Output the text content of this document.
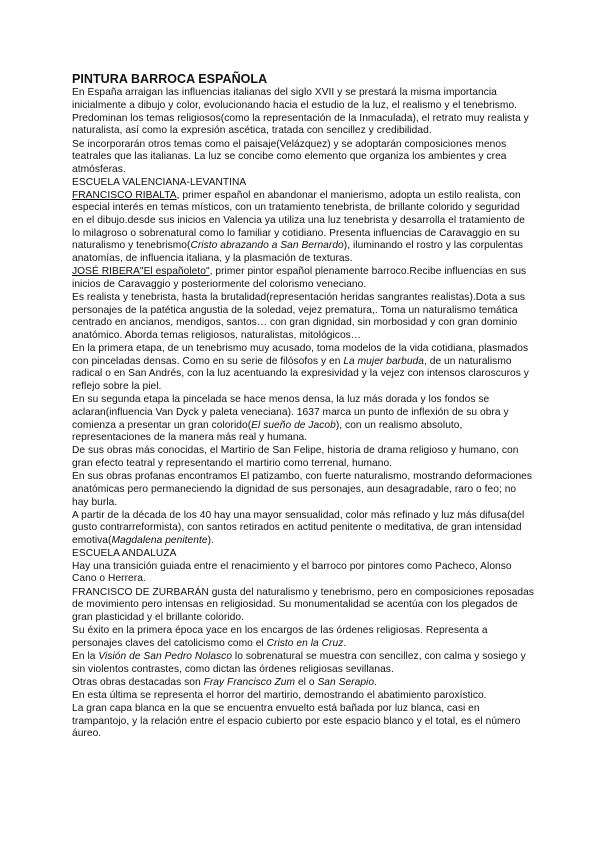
PINTURA BARROCA ESPAÑOLA

En España arraigan las influencias italianas del siglo XVII y se prestará la misma importancia inicialmente a dibujo y color, evolucionando hacia el estudio de la luz, el realismo y el tenebrismo.

Predominan los temas religiosos(como la representación de la Inmaculada), el retrato muy realista y naturalista, así como la expresión ascética, tratada con sencillez y credibilidad.

Se incorporarán otros temas como el paisaje(Velázquez) y se adoptarán composiciones menos teatrales que las italianas. La luz se concibe como elemento que organiza los ambientes y crea atmósferas.

ESCUELA VALENCIANA-LEVANTINA

FRANCISCO RIBALTA, primer español en abandonar el manierismo, adopta un estilo realista, con especial interés en temas místicos, con un tratamiento tenebrista, de brillante colorido y seguridad en el dibujo.desde sus inicios en Valencia ya utiliza una luz tenebrista y desarrolla el tratamiento de lo milagroso o sobrenatural como lo familiar y cotidiano. Presenta influencias de Caravaggio en su naturalismo y tenebrismo(Cristo abrazando a San Bernardo), iluminando el rostro y las corpulentas anatomías, de influencia italiana, y la plasmación de texturas.

JOSÉ RIBERA"El españoleto", primer pintor español plenamente barroco.Recibe influencias en sus inicios de Caravaggio y posteriormente del colorismo veneciano.

Es realista y tenebrista, hasta la brutalidad(representación heridas sangrantes realistas).Dota a sus personajes de la patética angustia de la soledad, vejez prematura,. Toma un naturalismo temática centrado en ancianos, mendigos, santos… con gran dignidad, sin morbosidad y con gran dominio anatómico. Aborda temas religiosos, naturalistas, mitológicos…

En la primera etapa, de un tenebrismo muy acusado, toma modelos de la vida cotidiana, plasmados con pinceladas densas. Como en su serie de filósofos y en La mujer barbuda, de un naturalismo radical o en San Andrés, con la luz acentuando la expresividad y la vejez con intensos claroscuros y reflejo sobre la piel.

En su segunda etapa la pincelada se hace menos densa, la luz más dorada y los fondos se aclaran(influencia Van Dyck y paleta veneciana). 1637 marca un punto de inflexión de su obra y comienza a presentar un gran colorido(El sueño de Jacob), con un realismo absoluto, representaciones de la manera más real y humana.

De sus obras más conocidas, el Martirio de San Felipe, historia de drama religioso y humano, con gran efecto teatral y representando el martirio como terrenal, humano.

En sus obras profanas encontramos El patizambo, con fuerte naturalismo, mostrando deformaciones anatómicas pero permaneciendo la dignidad de sus personajes, aun desagradable, raro o feo; no hay burla.

A partir de la década de los 40 hay una mayor sensualidad, color más refinado y luz más difusa(del gusto contrarreformista), con santos retirados en actitud penitente o meditativa, de gran intensidad emotiva(Magdalena penitente).

ESCUELA ANDALUZA

Hay una transición guiada entre el renacimiento y el barroco por pintores como Pacheco, Alonso Cano o Herrera.

FRANCISCO DE ZURBARÁN gusta del naturalismo y tenebrismo, pero en composiciones reposadas de movimiento pero intensas en religiosidad. Su monumentalidad se acentúa con los plegados de gran plasticidad y el brillante colorido.

Su éxito en la primera época yace en los encargos de las órdenes religiosas. Representa a personajes claves del catolicismo como el Cristo en la Cruz.

En la Visión de San Pedro Nolasco lo sobrenatural se muestra con sencillez, con calma y sosiego y sin violentos contrastes, como dictan las órdenes religiosas sevillanas.

Otras obras destacadas son Fray Francisco Zum el o San Serapio.

En esta última se representa el horror del martirio, demostrando el abatimiento paroxístico.

La gran capa blanca en la que se encuentra envuelto está bañada por luz blanca, casi en trampantojo, y la relación entre el espacio cubierto por este espacio blanco y el total, es el número áureo.
